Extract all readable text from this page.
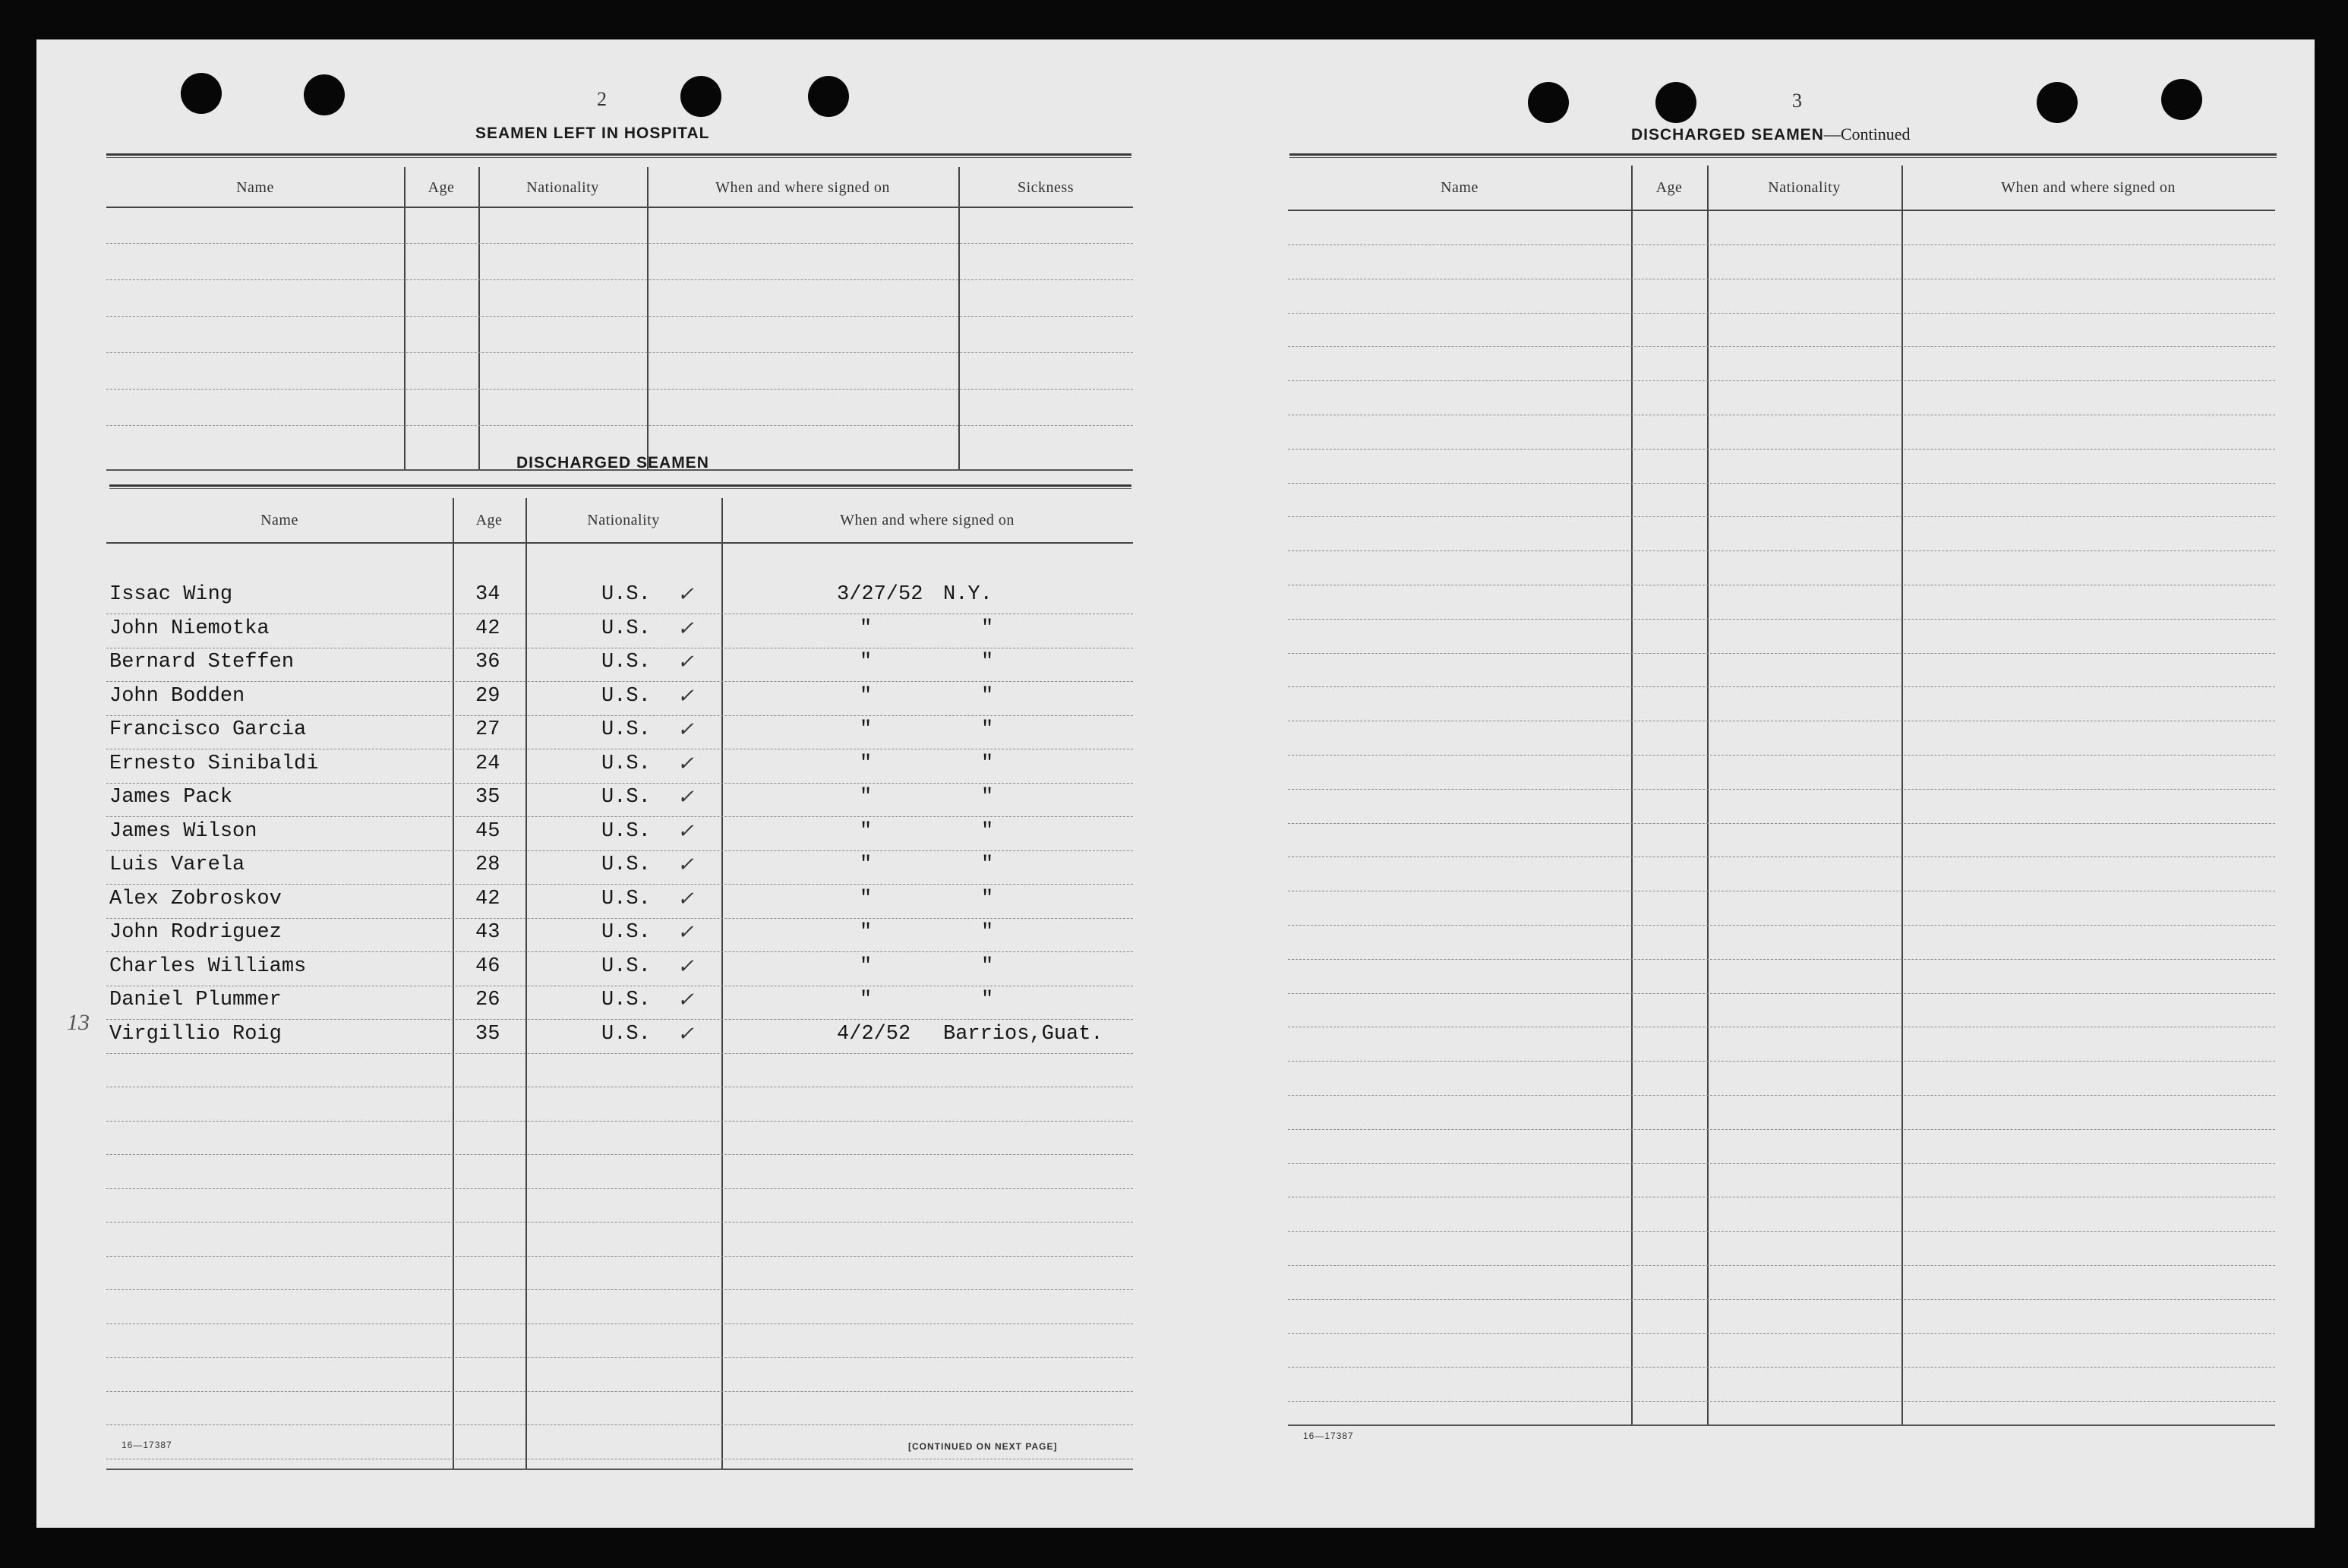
2
SEAMEN LEFT IN HOSPITAL
Name	Age	Nationality	When and where signed on	Sickness
DISCHARGED SEAMEN
Name	Age	Nationality	When and where signed on
Issac Wing	34	U.S. ✓	3/27/52 N.Y.
John Niemotka	42	U.S. ✓	"	"
Bernard Steffen	36	U.S. ✓	"	"
John Bodden	29	U.S. ✓	"	"
Francisco Garcia	27	U.S. ✓	"	"
Ernesto Sinibaldi	24	U.S. ✓	"	"
James Pack	35	U.S. ✓	"	"
James Wilson	45	U.S. ✓	"	"
Luis Varela	28	U.S. ✓	"	"
Alex Zobroskov	42	U.S. ✓	"	"
John Rodriguez	43	U.S. ✓	"	"
Charles Williams	46	U.S. ✓	"	"
Daniel Plummer	26	U.S. ✓	"	"
Virgillio Roig	35	U.S. ✓	4/2/52 Barrios,Guat.
13
16—17387	[CONTINUED ON NEXT PAGE]
3
DISCHARGED SEAMEN—Continued
Name	Age	Nationality	When and where signed on
16—17387
